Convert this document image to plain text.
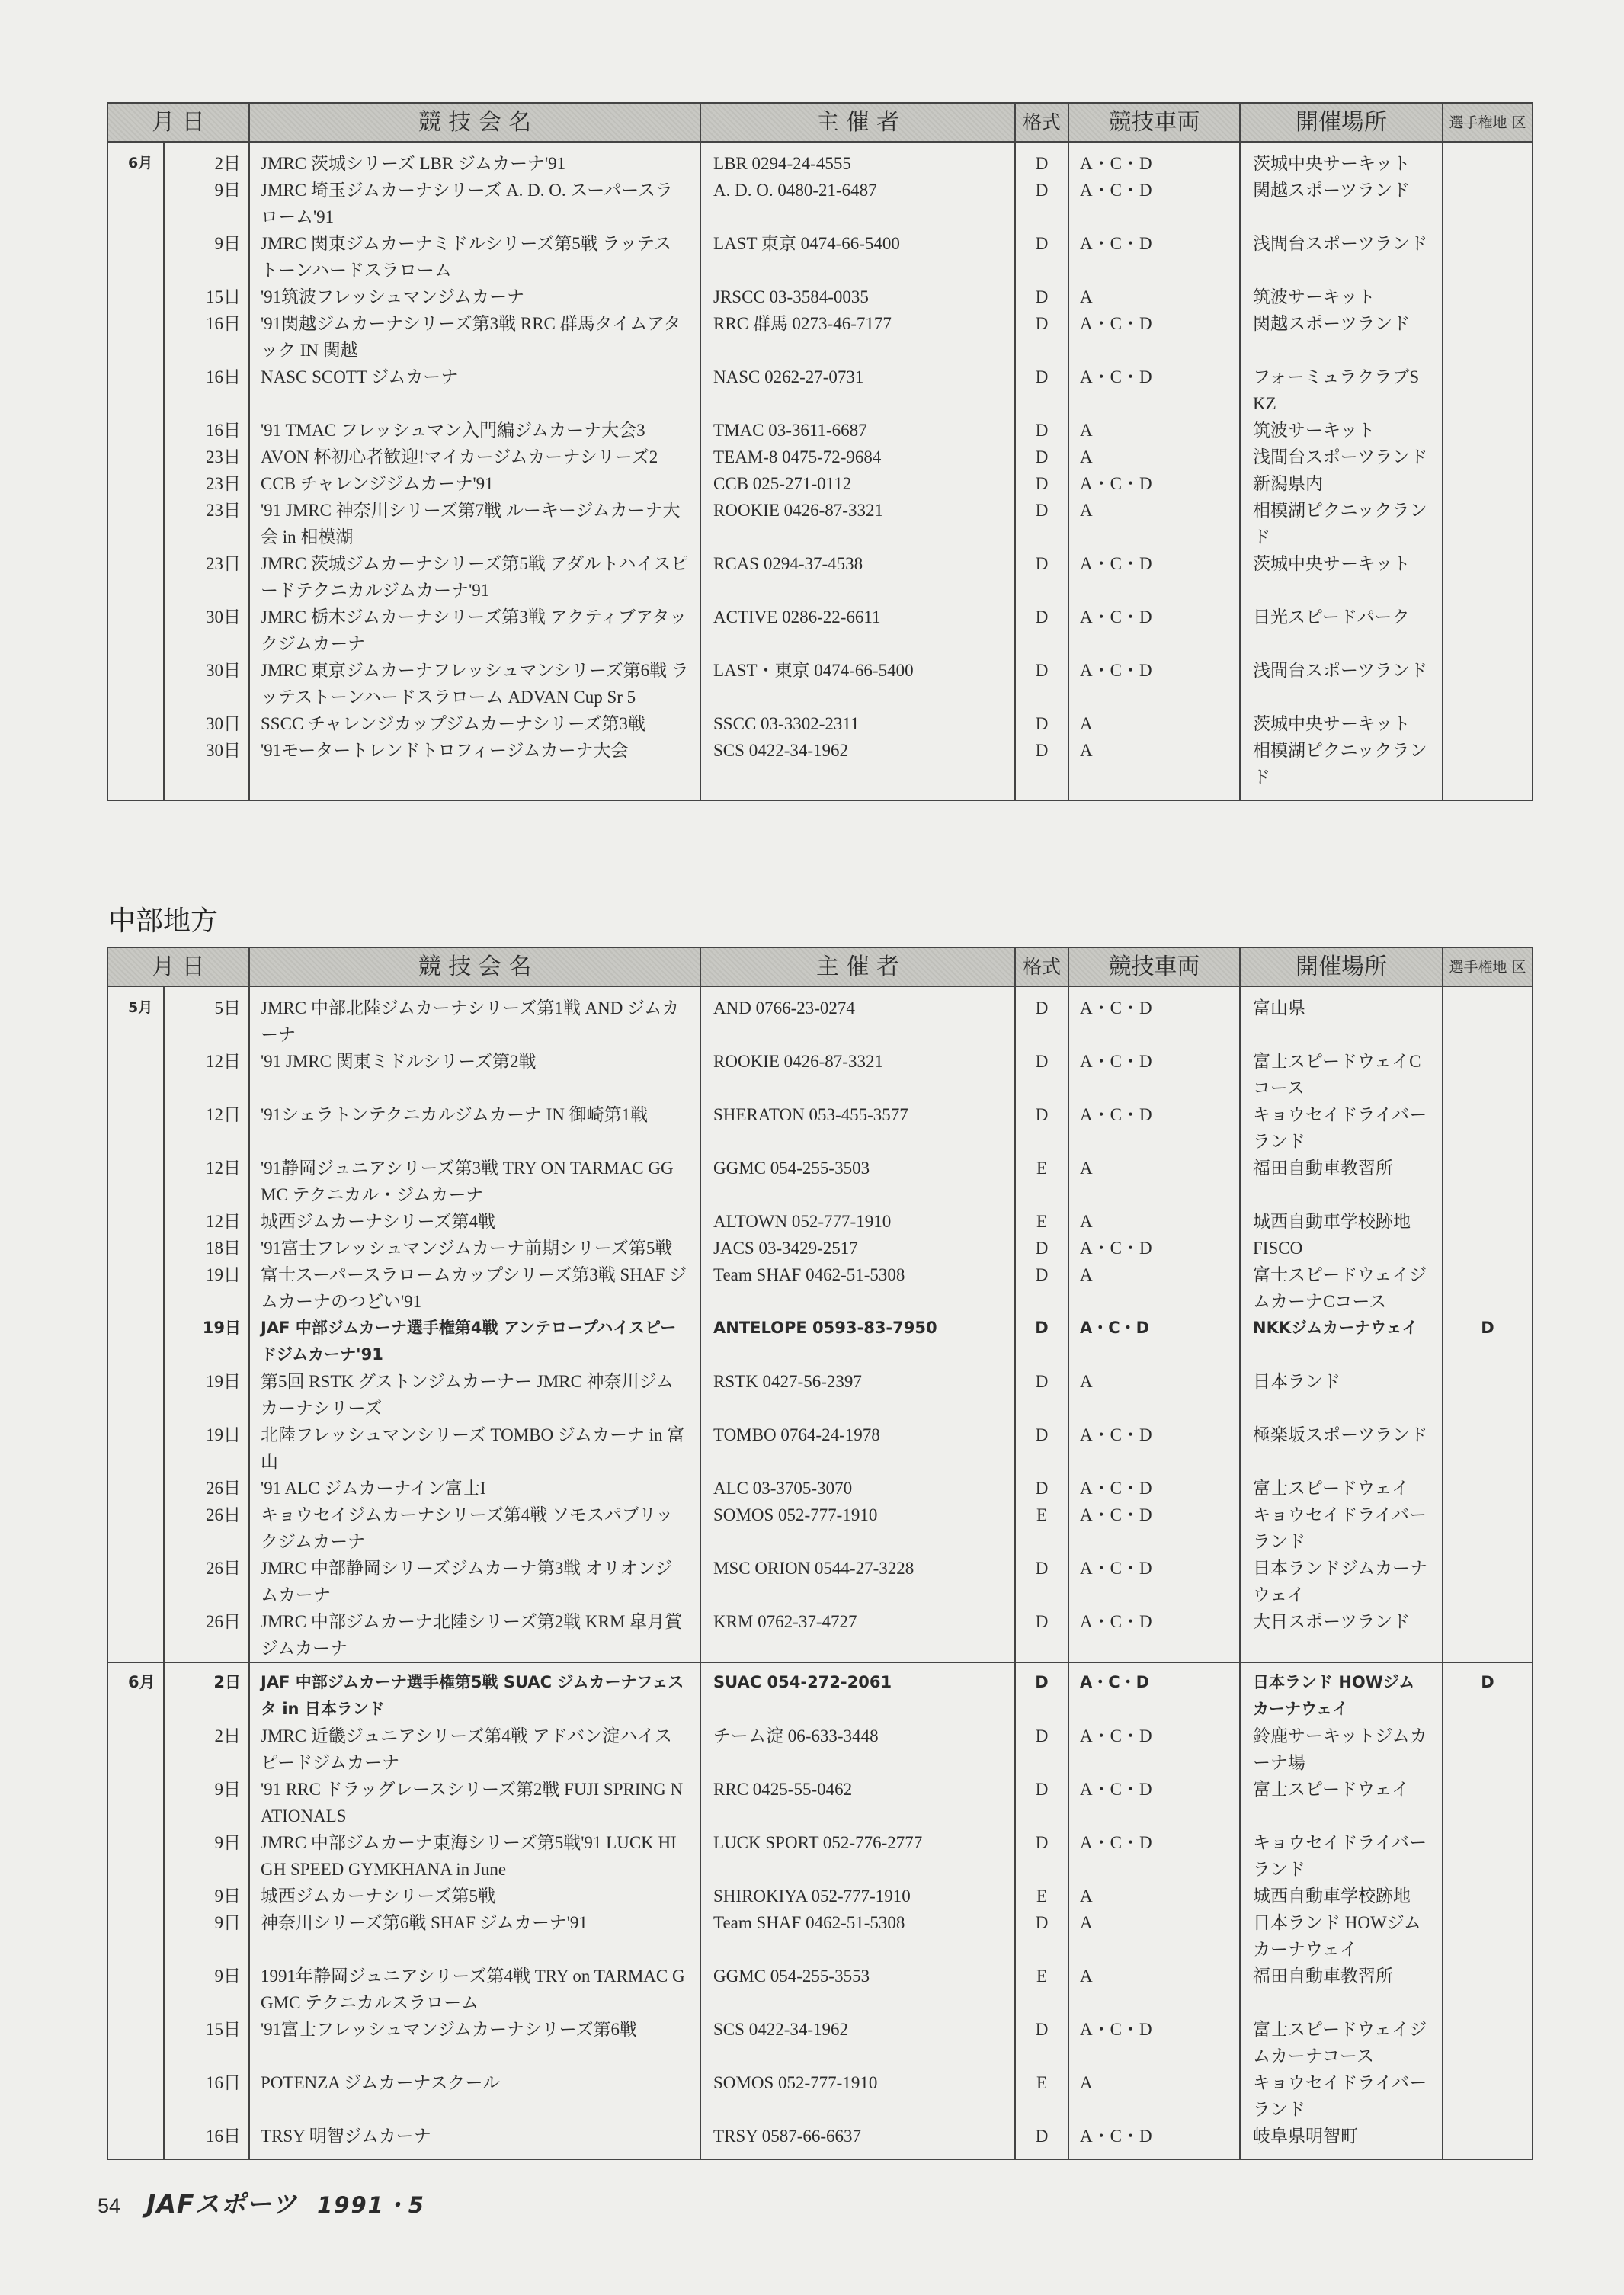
月 日		競 技 会 名	主 催 者	格式	競技車両	開催場所	選手権地 区
6月	2日	JMRC 茨城シリーズ LBR ジムカーナ'91	LBR 0294-24-4555	D	A・C・D	茨城中央サーキット	
	9日	JMRC 埼玉ジムカーナシリーズ A. D. O. スーパースラローム'91	A. D. O. 0480-21-6487	D	A・C・D	関越スポーツランド	
	9日	JMRC 関東ジムカーナミドルシリーズ第5戦 ラッテストーンハードスラローム	LAST 東京 0474-66-5400	D	A・C・D	浅間台スポーツランド	
	15日	'91筑波フレッシュマンジムカーナ	JRSCC 03-3584-0035	D	A	筑波サーキット	
	16日	'91関越ジムカーナシリーズ第3戦 RRC 群馬タイムアタック IN 関越	RRC 群馬 0273-46-7177	D	A・C・D	関越スポーツランド	
	16日	NASC SCOTT ジムカーナ	NASC 0262-27-0731	D	A・C・D	フォーミュラクラブSKZ	
	16日	'91 TMAC フレッシュマン入門編ジムカーナ大会3	TMAC 03-3611-6687	D	A	筑波サーキット	
	23日	AVON 杯初心者歓迎!マイカージムカーナシリーズ2	TEAM-8 0475-72-9684	D	A	浅間台スポーツランド	
	23日	CCB チャレンジジムカーナ'91	CCB 025-271-0112	D	A・C・D	新潟県内	
	23日	'91 JMRC 神奈川シリーズ第7戦 ルーキージムカーナ大会 in 相模湖	ROOKIE 0426-87-3321	D	A	相模湖ピクニックランド	
	23日	JMRC 茨城ジムカーナシリーズ第5戦 アダルトハイスピードテクニカルジムカーナ'91	RCAS 0294-37-4538	D	A・C・D	茨城中央サーキット	
	30日	JMRC 栃木ジムカーナシリーズ第3戦 アクティブアタックジムカーナ	ACTIVE 0286-22-6611	D	A・C・D	日光スピードパーク	
	30日	JMRC 東京ジムカーナフレッシュマンシリーズ第6戦 ラッテストーンハードスラローム ADVAN Cup Sr 5	LAST・東京 0474-66-5400	D	A・C・D	浅間台スポーツランド	
	30日	SSCC チャレンジカップジムカーナシリーズ第3戦	SSCC 03-3302-2311	D	A	茨城中央サーキット	
	30日	'91モータートレンドトロフィージムカーナ大会	SCS 0422-34-1962	D	A	相模湖ピクニックランド	
中部地方
月 日		競 技 会 名	主 催 者	格式	競技車両	開催場所	選手権地 区
5月	5日	JMRC 中部北陸ジムカーナシリーズ第1戦 AND ジムカーナ	AND 0766-23-0274	D	A・C・D	富山県	
	12日	'91 JMRC 関東ミドルシリーズ第2戦	ROOKIE 0426-87-3321	D	A・C・D	富士スピードウェイCコース	
	12日	'91シェラトンテクニカルジムカーナ IN 御崎第1戦	SHERATON 053-455-3577	D	A・C・D	キョウセイドライバーランド	
	12日	'91静岡ジュニアシリーズ第3戦 TRY ON TARMAC GGMC テクニカル・ジムカーナ	GGMC 054-255-3503	E	A	福田自動車教習所	
	12日	城西ジムカーナシリーズ第4戦	ALTOWN 052-777-1910	E	A	城西自動車学校跡地	
	18日	'91富士フレッシュマンジムカーナ前期シリーズ第5戦	JACS 03-3429-2517	D	A・C・D	FISCO	
	19日	富士スーパースラロームカップシリーズ第3戦 SHAF ジムカーナのつどい'91	Team SHAF 0462-51-5308	D	A	富士スピードウェイジムカーナCコース	
	19日	JAF 中部ジムカーナ選手権第4戦 アンテロープハイスピードジムカーナ'91	ANTELOPE 0593-83-7950	D	A・C・D	NKKジムカーナウェイ	D
	19日	第5回 RSTK グストンジムカーナー JMRC 神奈川ジムカーナシリーズ	RSTK 0427-56-2397	D	A	日本ランド	
	19日	北陸フレッシュマンシリーズ TOMBO ジムカーナ in 富山	TOMBO 0764-24-1978	D	A・C・D	極楽坂スポーツランド	
	26日	'91 ALC ジムカーナイン富士I	ALC 03-3705-3070	D	A・C・D	富士スピードウェイ	
	26日	キョウセイジムカーナシリーズ第4戦 ソモスパブリックジムカーナ	SOMOS 052-777-1910	E	A・C・D	キョウセイドライバーランド	
	26日	JMRC 中部静岡シリーズジムカーナ第3戦 オリオンジムカーナ	MSC ORION 0544-27-3228	D	A・C・D	日本ランドジムカーナウェイ	
	26日	JMRC 中部ジムカーナ北陸シリーズ第2戦 KRM 皐月賞ジムカーナ	KRM 0762-37-4727	D	A・C・D	大日スポーツランド	
6月	2日	JAF 中部ジムカーナ選手権第5戦 SUAC ジムカーナフェスタ in 日本ランド	SUAC 054-272-2061	D	A・C・D	日本ランド HOWジムカーナウェイ	D
	2日	JMRC 近畿ジュニアシリーズ第4戦 アドバン淀ハイスピードジムカーナ	チーム淀 06-633-3448	D	A・C・D	鈴鹿サーキットジムカーナ場	
	9日	'91 RRC ドラッグレースシリーズ第2戦 FUJI SPRING NATIONALS	RRC 0425-55-0462	D	A・C・D	富士スピードウェイ	
	9日	JMRC 中部ジムカーナ東海シリーズ第5戦'91 LUCK HIGH SPEED GYMKHANA in June	LUCK SPORT 052-776-2777	D	A・C・D	キョウセイドライバーランド	
	9日	城西ジムカーナシリーズ第5戦	SHIROKIYA 052-777-1910	E	A	城西自動車学校跡地	
	9日	神奈川シリーズ第6戦 SHAF ジムカーナ'91	Team SHAF 0462-51-5308	D	A	日本ランド HOWジムカーナウェイ	
	9日	1991年静岡ジュニアシリーズ第4戦 TRY on TARMAC GGMC テクニカルスラローム	GGMC 054-255-3553	E	A	福田自動車教習所	
	15日	'91富士フレッシュマンジムカーナシリーズ第6戦	SCS 0422-34-1962	D	A・C・D	富士スピードウェイジムカーナコース	
	16日	POTENZA ジムカーナスクール	SOMOS 052-777-1910	E	A	キョウセイドライバーランド	
	16日	TRSY 明智ジムカーナ	TRSY 0587-66-6637	D	A・C・D	岐阜県明智町	
54 JAFスポーツ 1991・5
